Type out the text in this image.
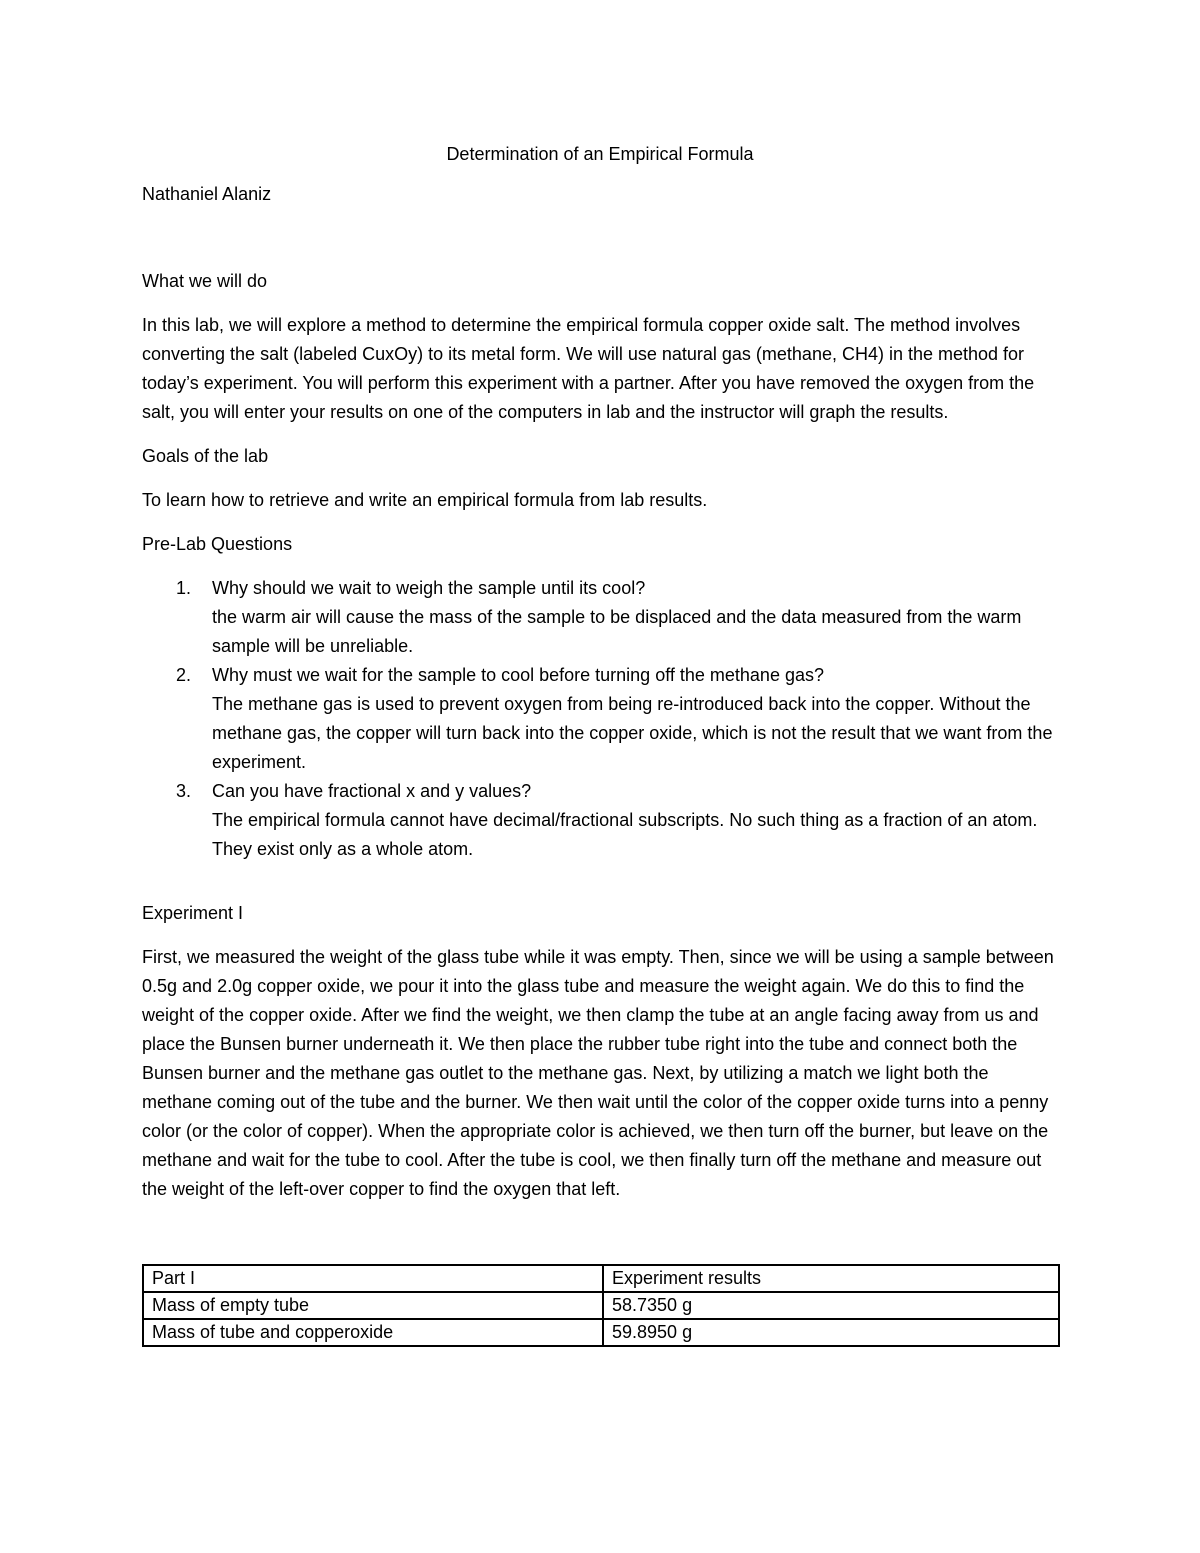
Determination of an Empirical Formula
Nathaniel Alaniz
What we will do
In this lab, we will explore a method to determine the empirical formula copper oxide salt. The method involves converting the salt (labeled CuxOy) to its metal form. We will use natural gas (methane, CH4) in the method for today’s experiment. You will perform this experiment with a partner. After you have removed the oxygen from the salt, you will enter your results on one of the computers in lab and the instructor will graph the results.
Goals of the lab
To learn how to retrieve and write an empirical formula from lab results.
Pre-Lab Questions
1. Why should we wait to weigh the sample until its cool?
the warm air will cause the mass of the sample to be displaced and the data measured from the warm sample will be unreliable.
2. Why must we wait for the sample to cool before turning off the methane gas?
The methane gas is used to prevent oxygen from being re-introduced back into the copper. Without the methane gas, the copper will turn back into the copper oxide, which is not the result that we want from the experiment.
3. Can you have fractional x and y values?
The empirical formula cannot have decimal/fractional subscripts. No such thing as a fraction of an atom. They exist only as a whole atom.
Experiment I
First, we measured the weight of the glass tube while it was empty. Then, since we will be using a sample between 0.5g and 2.0g copper oxide, we pour it into the glass tube and measure the weight again. We do this to find the weight of the copper oxide. After we find the weight, we then clamp the tube at an angle facing away from us and place the Bunsen burner underneath it. We then place the rubber tube right into the tube and connect both the Bunsen burner and the methane gas outlet to the methane gas. Next, by utilizing a match we light both the methane coming out of the tube and the burner. We then wait until the color of the copper oxide turns into a penny color (or the color of copper). When the appropriate color is achieved, we then turn off the burner, but leave on the methane and wait for the tube to cool. After the tube is cool, we then finally turn off the methane and measure out the weight of the left-over copper to find the oxygen that left.
Part I	Experiment results
Mass of empty tube	58.7350 g
Mass of tube and copperoxide	59.8950 g
